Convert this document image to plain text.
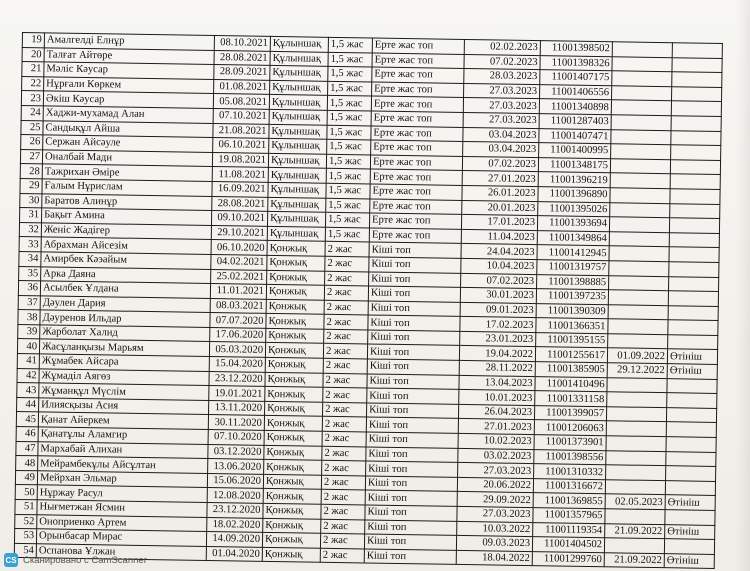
19	Амалгелді Елнұр	08.10.2021	Құлыншақ	1,5 жас	Ерте жас топ	02.02.2023	11001398502		
20	Талғат Айтөре	28.08.2021	Құлыншақ	1,5 жас	Ерте жас топ	07.02.2023	11001398326		
21	Мәліс Кәусар	28.09.2021	Құлыншақ	1,5 жас	Ерте жас топ	28.03.2023	11001407175		
22	Нұрғали Көркем	01.08.2021	Құлыншақ	1,5 жас	Ерте жас топ	27.03.2023	11001406556		
23	Әкіш Кәусар	05.08.2021	Құлыншақ	1,5 жас	Ерте жас топ	27.03.2023	11001340898		
24	Хаджи-мухамад Алан	07.10.2021	Құлыншақ	1,5 жас	Ерте жас топ	27.03.2023	11001287403		
25	Сандықұл Айша	21.08.2021	Құлыншақ	1,5 жас	Ерте жас топ	03.04.2023	11001407471		
26	Сержан Айсәуле	06.10.2021	Құлыншақ	1,5 жас	Ерте жас топ	03.04.2023	11001400995		
27	Оналбай Мади	19.08.2021	Құлыншақ	1,5 жас	Ерте жас топ	07.02.2023	11001348175		
28	Тажрихан Әміре	11.08.2021	Құлыншақ	1,5 жас	Ерте жас топ	27.01.2023	11001396219		
29	Ғалым Нұрислам	16.09.2021	Құлыншақ	1,5 жас	Ерте жас топ	26.01.2023	11001396890		
30	Баратов Алинұр	28.08.2021	Құлыншақ	1,5 жас	Ерте жас топ	20.01.2023	11001395026		
31	Бақыт Амина	09.10.2021	Құлыншақ	1,5 жас	Ерте жас топ	17.01.2023	11001393694		
32	Женіс Жадігер	29.10.2021	Құлыншақ	1,5 жас	Ерте жас топ	11.04.2023	11001349864		
33	Абрахман Айсезім	06.10.2020	Қонжық	2 жас	Кіші топ	24.04.2023	11001412945		
34	Амирбек Кәэайым	04.02.2021	Қонжық	2 жас	Кіші топ	10.04.2023	11001319757		
35	Арка Даяна	25.02.2021	Қонжық	2 жас	Кіші топ	07.02.2023	11001398885		
36	Асылбек Ұлдана	11.01.2021	Қонжық	2 жас	Кіші топ	30.01.2023	11001397235		
37	Дәулен Дария	08.03.2021	Қонжық	2 жас	Кіші топ	09.01.2023	11001390309		
38	Дәуренов Ильдар	07.07.2020	Қонжық	2 жас	Кіші топ	17.02.2023	11001366351		
39	Жарболат Халид	17.06.2020	Қонжық	2 жас	Кіші топ	23.01.2023	11001395155		
40	Жасұланқызы Марьям	05.03.2020	Қонжық	2 жас	Кіші топ	19.04.2022	11001255617	01.09.2022	Өтініш
41	Жұмабек Айсара	15.04.2020	Қонжық	2 жас	Кіші топ	28.11.2022	11001385905	29.12.2022	Өтініш
42	Жұмаділ Аягөз	23.12.2020	Қонжық	2 жас	Кіші топ	13.04.2023	11001410496		
43	Жұманқұл Мүслім	19.01.2021	Қонжық	2 жас	Кіші топ	10.01.2023	11001331158		
44	Илиясқызы Асия	13.11.2020	Қонжық	2 жас	Кіші топ	26.04.2023	11001399057		
45	Қанат Айеркем	30.11.2020	Қонжық	2 жас	Кіші топ	27.01.2023	11001206063		
46	Қанатұлы Аламгир	07.10.2020	Қонжық	2 жас	Кіші топ	10.02.2023	11001373901		
47	Мархабай Алихан	03.12.2020	Қонжық	2 жас	Кіші топ	03.02.2023	11001398556		
48	Мейрамбекұлы Айсұлтан	13.06.2020	Қонжық	2 жас	Кіші топ	27.03.2023	11001310332		
49	Мейрхан Эльмар	15.06.2020	Қонжық	2 жас	Кіші топ	20.06.2022	11001316672		
50	Нұржау Расул	12.08.2020	Қонжық	2 жас	Кіші топ	29.09.2022	11001369855	02.05.2023	Өтініш
51	Нығметжан Ясмин	23.12.2020	Қонжық	2 жас	Кіші топ	27.03.2023	11001357965		
52	Оноприенко Артем	18.02.2020	Қонжық	2 жас	Кіші топ	10.03.2022	11001119354	21.09.2022	Өтініш
53	Орынбасар Мирас	14.09.2020	Қонжық	2 жас	Кіші топ	09.03.2023	11001404502		
54	Оспанова Ұлжан	01.04.2020	Қонжық	2 жас	Кіші топ	18.04.2022	11001299760	21.09.2022	Өтініш
CS Сканировано с CamScanner
